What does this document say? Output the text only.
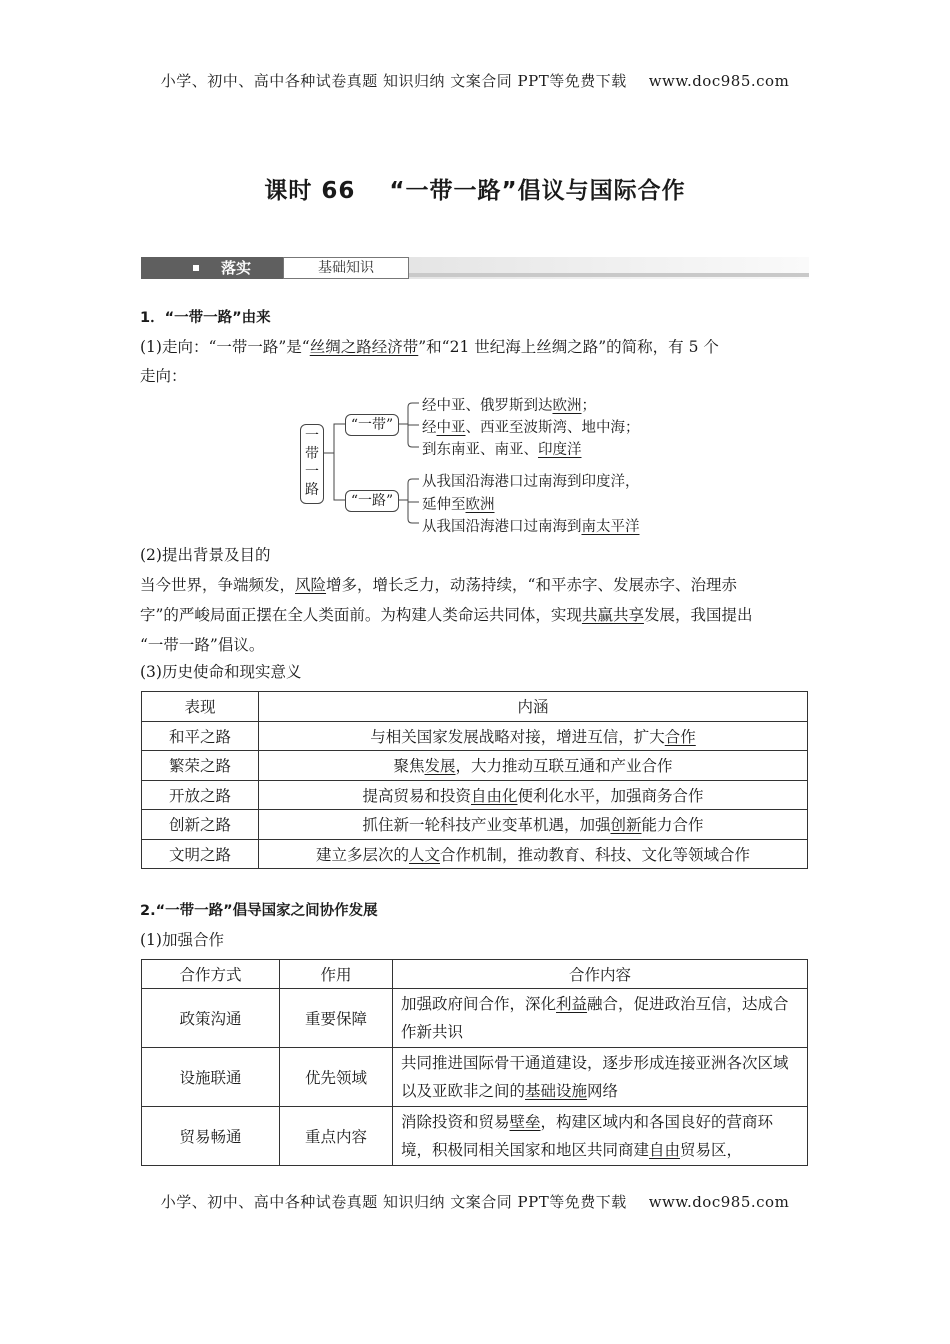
小学、初中、高中各种试卷真题 知识归纳 文案合同 PPT等免费下载 www.doc985.com
课时 66 “一带一路”倡议与国际合作
落实	基础知识
1．“一带一路”由来
(1)走向：“一带一路”是“丝绸之路经济带”和“21 世纪海上丝绸之路”的简称，有 5 个
走向：
一
带
一
路
“一带”
“一路”
经中亚、俄罗斯到达欧洲；
经中亚、西亚至波斯湾、地中海；
到东南亚、南亚、印度洋
从我国沿海港口过南海到印度洋，
延伸至欧洲
从我国沿海港口过南海到南太平洋
(2)提出背景及目的
当今世界，争端频发，风险增多，增长乏力，动荡持续，“和平赤字、发展赤字、治理赤
字”的严峻局面正摆在全人类面前。为构建人类命运共同体，实现共赢共享发展，我国提出
“一带一路”倡议。
(3)历史使命和现实意义
表现	内涵
和平之路	与相关国家发展战略对接，增进互信，扩大合作
繁荣之路	聚焦发展，大力推动互联互通和产业合作
开放之路	提高贸易和投资自由化便利化水平，加强商务合作
创新之路	抓住新一轮科技产业变革机遇，加强创新能力合作
文明之路	建立多层次的人文合作机制，推动教育、科技、文化等领域合作
2.“一带一路”倡导国家之间协作发展
(1)加强合作
合作方式	作用	合作内容
政策沟通	重要保障	加强政府间合作，深化利益融合，促进政治互信，达成合作新共识
设施联通	优先领域	共同推进国际骨干通道建设，逐步形成连接亚洲各次区域以及亚欧非之间的基础设施网络
贸易畅通	重点内容	消除投资和贸易壁垒，构建区域内和各国良好的营商环境，积极同相关国家和地区共同商建自由贸易区，
小学、初中、高中各种试卷真题 知识归纳 文案合同 PPT等免费下载 www.doc985.com
